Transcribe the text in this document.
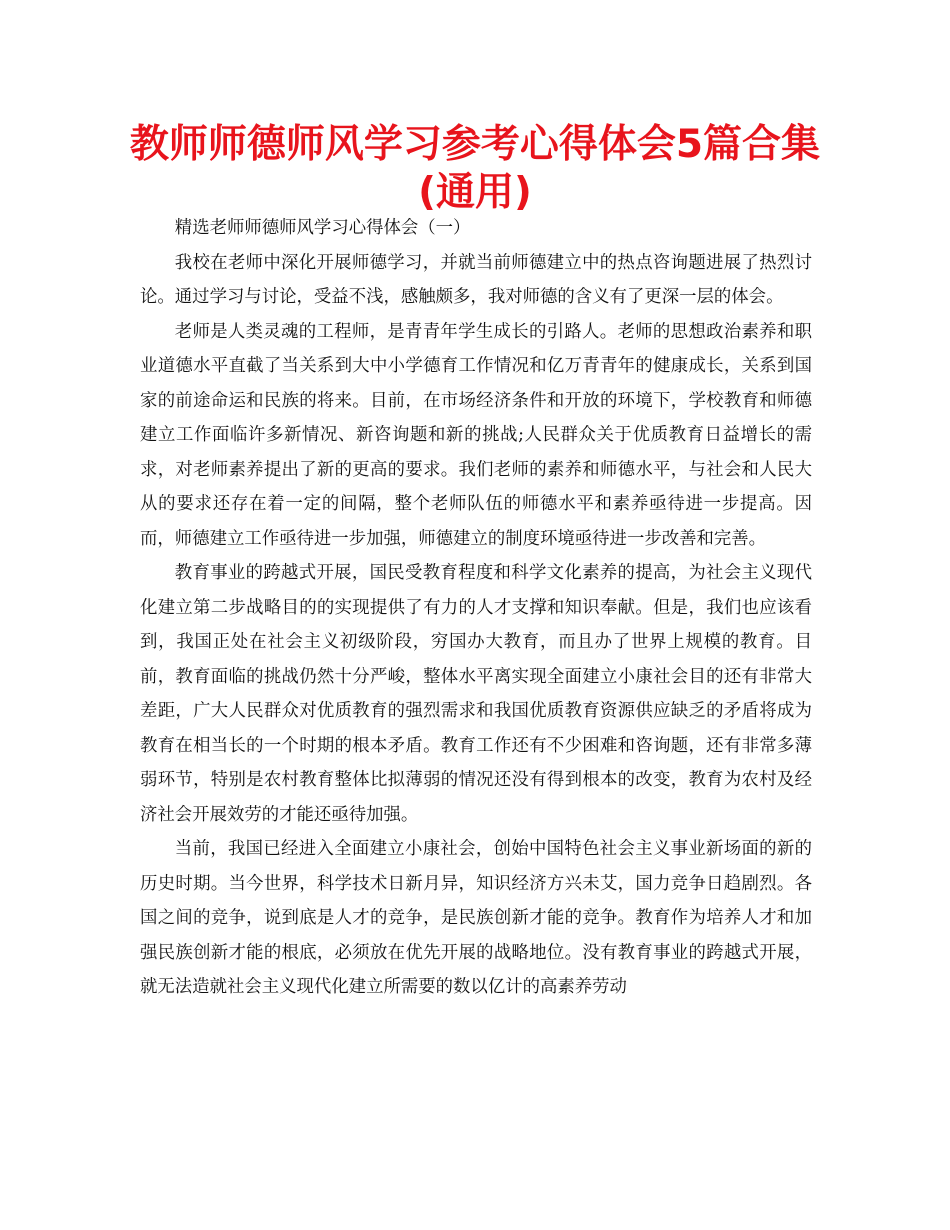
教师师德师风学习参考心得体会5篇合集
(通用)

精选老师师德师风学习心得体会（一）

我校在老师中深化开展师德学习，并就当前师德建立中的热点咨询题进展了热烈讨论。通过学习与讨论，受益不浅，感触颇多，我对师德的含义有了更深一层的体会。

老师是人类灵魂的工程师，是青青年学生成长的引路人。老师的思想政治素养和职业道德水平直截了当关系到大中小学德育工作情况和亿万青青年的健康成长，关系到国家的前途命运和民族的将来。目前，在市场经济条件和开放的环境下，学校教育和师德建立工作面临许多新情况、新咨询题和新的挑战;人民群众关于优质教育日益增长的需求，对老师素养提出了新的更高的要求。我们老师的素养和师德水平，与社会和人民大从的要求还存在着一定的间隔，整个老师队伍的师德水平和素养亟待进一步提高。因而，师德建立工作亟待进一步加强，师德建立的制度环境亟待进一步改善和完善。

教育事业的跨越式开展，国民受教育程度和科学文化素养的提高，为社会主义现代化建立第二步战略目的的实现提供了有力的人才支撑和知识奉献。但是，我们也应该看到，我国正处在社会主义初级阶段，穷国办大教育，而且办了世界上规模的教育。目前，教育面临的挑战仍然十分严峻，整体水平离实现全面建立小康社会目的还有非常大差距，广大人民群众对优质教育的强烈需求和我国优质教育资源供应缺乏的矛盾将成为教育在相当长的一个时期的根本矛盾。教育工作还有不少困难和咨询题，还有非常多薄弱环节，特别是农村教育整体比拟薄弱的情况还没有得到根本的改变，教育为农村及经济社会开展效劳的才能还亟待加强。

当前，我国已经进入全面建立小康社会，创始中国特色社会主义事业新场面的新的历史时期。当今世界，科学技术日新月异，知识经济方兴未艾，国力竞争日趋剧烈。各国之间的竞争，说到底是人才的竞争，是民族创新才能的竞争。教育作为培养人才和加强民族创新才能的根底，必须放在优先开展的战略地位。没有教育事业的跨越式开展，就无法造就社会主义现代化建立所需要的数以亿计的高素养劳动
